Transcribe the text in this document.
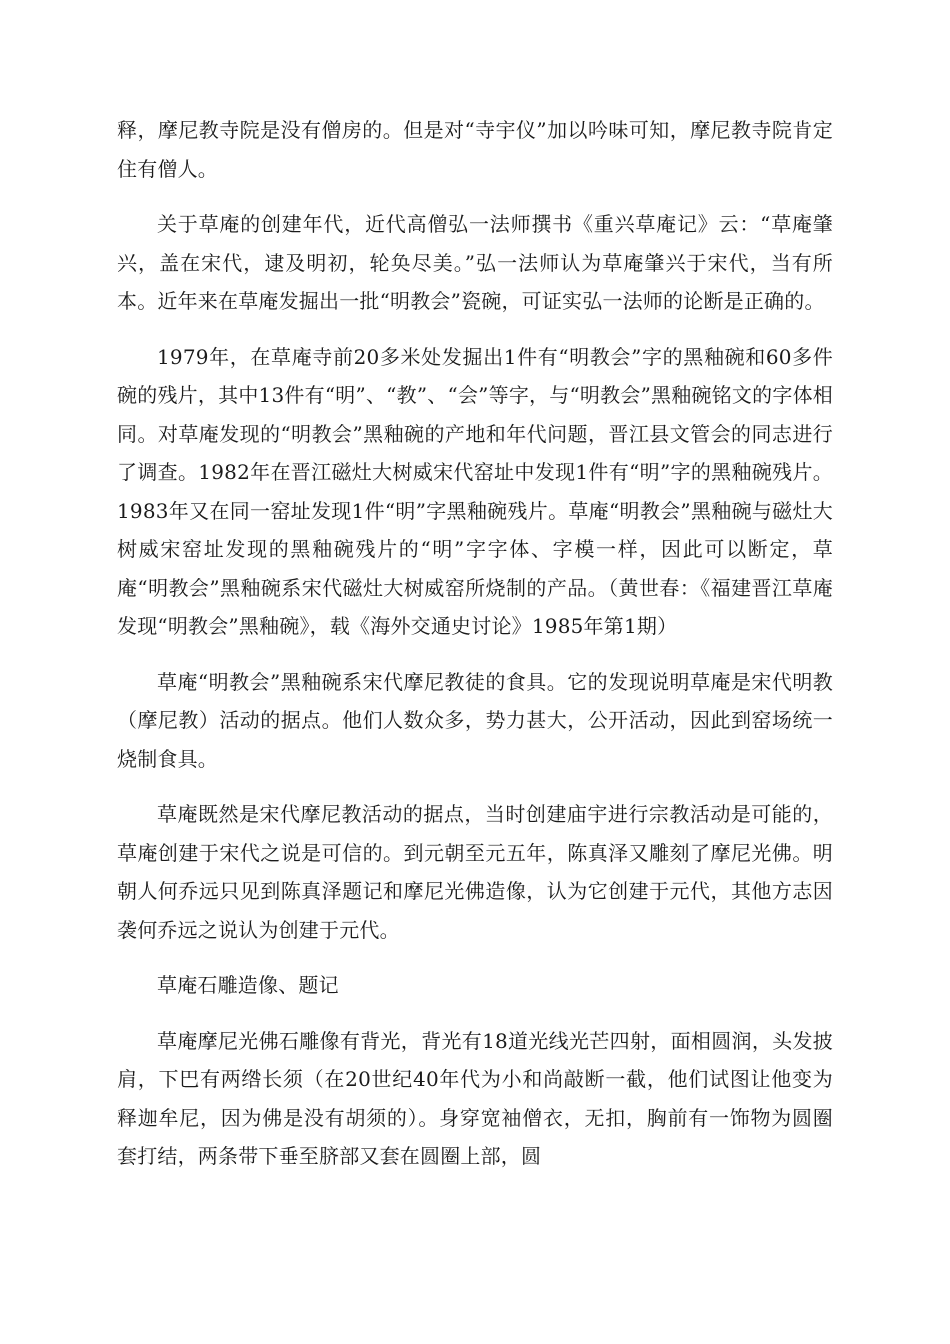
释，摩尼教寺院是没有僧房的。但是对“寺宇仪”加以吟味可知，摩尼教寺院肯定住有僧人。

关于草庵的创建年代，近代高僧弘一法师撰书《重兴草庵记》云：“草庵肇兴，盖在宋代，逮及明初，轮奂尽美。”弘一法师认为草庵肇兴于宋代，当有所本。近年来在草庵发掘出一批“明教会”瓷碗，可证实弘一法师的论断是正确的。

1979年，在草庵寺前20多米处发掘出1件有“明教会”字的黑釉碗和60多件碗的残片，其中13件有“明”、“教”、“会”等字，与“明教会”黑釉碗铭文的字体相同。对草庵发现的“明教会”黑釉碗的产地和年代问题，晋江县文管会的同志进行了调查。1982年在晋江磁灶大树威宋代窑址中发现1件有“明”字的黑釉碗残片。1983年又在同一窑址发现1件“明”字黑釉碗残片。草庵“明教会”黑釉碗与磁灶大树威宋窑址发现的黑釉碗残片的“明”字字体、字模一样，因此可以断定，草庵“明教会”黑釉碗系宋代磁灶大树威窑所烧制的产品。（黄世春：《福建晋江草庵发现“明教会”黑釉碗》，载《海外交通史讨论》1985年第1期）

草庵“明教会”黑釉碗系宋代摩尼教徒的食具。它的发现说明草庵是宋代明教（摩尼教）活动的据点。他们人数众多，势力甚大，公开活动，因此到窑场统一烧制食具。

草庵既然是宋代摩尼教活动的据点，当时创建庙宇进行宗教活动是可能的，草庵创建于宋代之说是可信的。到元朝至元五年，陈真泽又雕刻了摩尼光佛。明朝人何乔远只见到陈真泽题记和摩尼光佛造像，认为它创建于元代，其他方志因袭何乔远之说认为创建于元代。

草庵石雕造像、题记

草庵摩尼光佛石雕像有背光，背光有18道光线光芒四射，面相圆润，头发披肩，下巴有两绺长须（在20世纪40年代为小和尚敲断一截，他们试图让他变为释迦牟尼，因为佛是没有胡须的）。身穿宽袖僧衣，无扣，胸前有一饰物为圆圈套打结，两条带下垂至脐部又套在圆圈上部，圆
